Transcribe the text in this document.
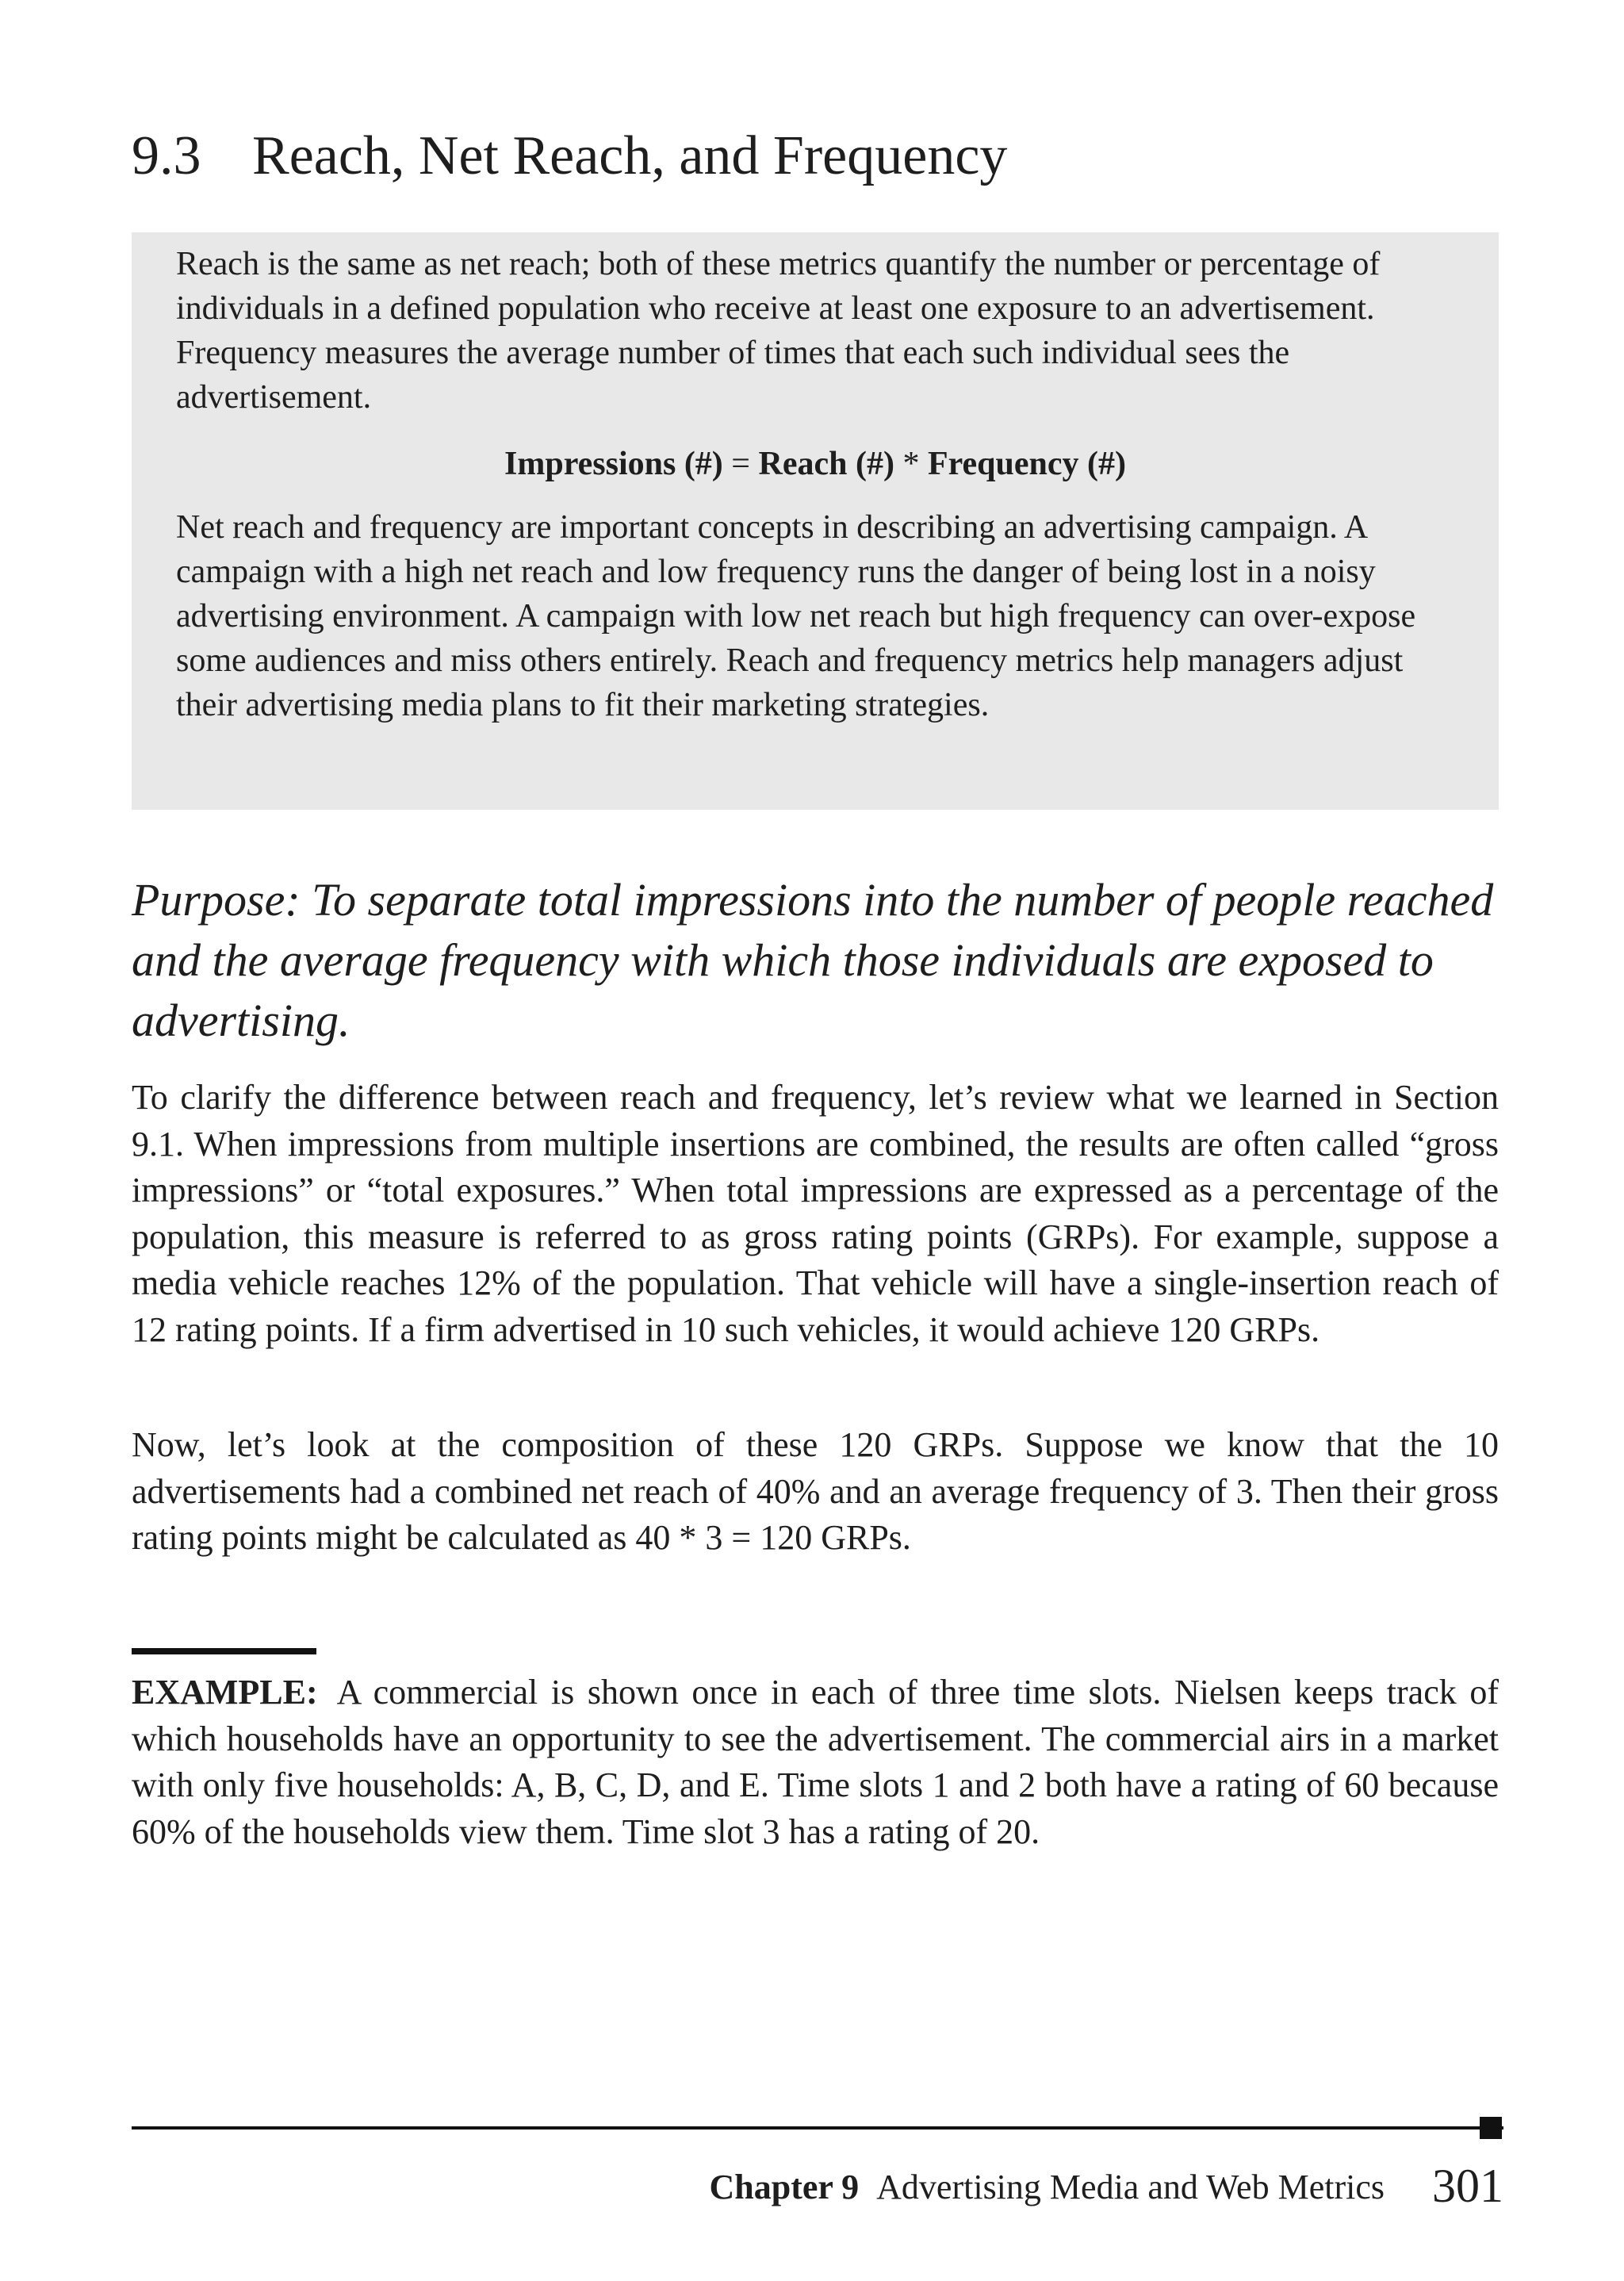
9.3 Reach, Net Reach, and Frequency

Reach is the same as net reach; both of these metrics quantify the number or percentage of individuals in a defined population who receive at least one exposure to an advertisement. Frequency measures the average number of times that each such individual sees the advertisement.

Impressions (#) = Reach (#) * Frequency (#)

Net reach and frequency are important concepts in describing an advertising campaign. A campaign with a high net reach and low frequency runs the danger of being lost in a noisy advertising environment. A campaign with low net reach but high frequency can over-expose some audiences and miss others entirely. Reach and frequency metrics help managers adjust their advertising media plans to fit their marketing strategies.

Purpose: To separate total impressions into the number of people reached and the average frequency with which those individuals are exposed to advertising.

To clarify the difference between reach and frequency, let’s review what we learned in Section 9.1. When impressions from multiple insertions are combined, the results are often called “gross impressions” or “total exposures.” When total impressions are expressed as a percentage of the population, this measure is referred to as gross rating points (GRPs). For example, suppose a media vehicle reaches 12% of the population. That vehicle will have a single-insertion reach of 12 rating points. If a firm advertised in 10 such vehicles, it would achieve 120 GRPs.

Now, let’s look at the composition of these 120 GRPs. Suppose we know that the 10 advertisements had a combined net reach of 40% and an average frequency of 3. Then their gross rating points might be calculated as 40 * 3 = 120 GRPs.

EXAMPLE: A commercial is shown once in each of three time slots. Nielsen keeps track of which households have an opportunity to see the advertisement. The commercial airs in a market with only five households: A, B, C, D, and E. Time slots 1 and 2 both have a rating of 60 because 60% of the households view them. Time slot 3 has a rating of 20.

Chapter 9 Advertising Media and Web Metrics 301
